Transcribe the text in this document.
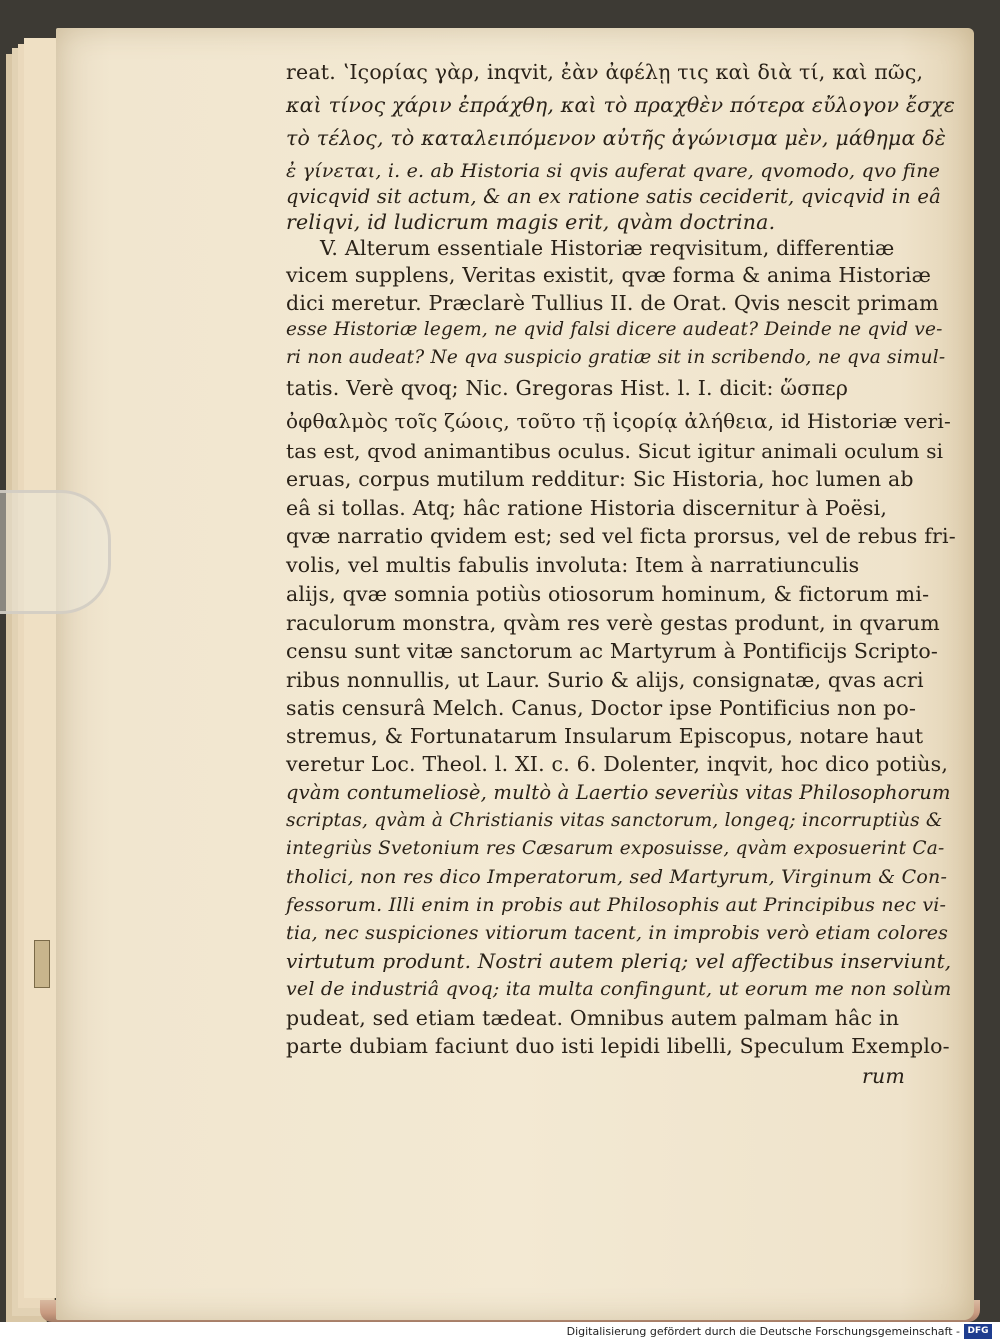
reat. ʽΙςορίας γὰρ, inqvit, ἐὰν ἀφέλῃ τις καὶ διὰ τί, καὶ πῶς,
καὶ τίνος χάριν ἐπράχθη, καὶ τὸ πραχθὲν πότερα εὔλογον ἔσχε
τὸ τέλος, τὸ καταλειπόμενον αὐτῆς ἀγώνισμα μὲν, μάθημα δὲ
ἐ γίνεται, i. e. ab Historia si qvis auferat qvare, qvomodo, qvo fine
qvicqvid sit actum, & an ex ratione satis ceciderit, qvicqvid in eâ
reliqvi, id ludicrum magis erit, qvàm doctrina.
V. Alterum essentiale Historiæ reqvisitum, differentiæ
vicem supplens, Veritas existit, qvæ forma & anima Historiæ
dici meretur. Præclarè Tullius II. de Orat. Qvis nescit primam
esse Historiæ legem, ne qvid falsi dicere audeat? Deinde ne qvid ve-
ri non audeat? Ne qva suspicio gratiæ sit in scribendo, ne qva simul-
tatis. Verè qvoq; Nic. Gregoras Hist. l. I. dicit: ὥσπερ
ὀφθαλμὸς τοῖς ζώοις, τοῦτο τῇ ἱςορίᾳ ἀλήθεια, id Historiæ veri-
tas est, qvod animantibus oculus. Sicut igitur animali oculum si
eruas, corpus mutilum redditur: Sic Historia, hoc lumen ab
eâ si tollas. Atq; hâc ratione Historia discernitur à Poësi,
qvæ narratio qvidem est; sed vel ficta prorsus, vel de rebus fri-
volis, vel multis fabulis involuta: Item à narratiunculis
alijs, qvæ somnia potiùs otiosorum hominum, & fictorum mi-
raculorum monstra, qvàm res verè gestas produnt, in qvarum
censu sunt vitæ sanctorum ac Martyrum à Pontificijs Scripto-
ribus nonnullis, ut Laur. Surio & alijs, consignatæ, qvas acri
satis censurâ Melch. Canus, Doctor ipse Pontificius non po-
stremus, & Fortunatarum Insularum Episcopus, notare haut
veretur Loc. Theol. l. XI. c. 6. Dolenter, inqvit, hoc dico potiùs,
qvàm contumeliosè, multò à Laertio severiùs vitas Philosophorum
scriptas, qvàm à Christianis vitas sanctorum, longeq; incorruptiùs &
integriùs Svetonium res Cæsarum exposuisse, qvàm exposuerint Ca-
tholici, non res dico Imperatorum, sed Martyrum, Virginum & Con-
fessorum. Illi enim in probis aut Philosophis aut Principibus nec vi-
tia, nec suspiciones vitiorum tacent, in improbis verò etiam colores
virtutum produnt. Nostri autem pleriq; vel affectibus inserviunt,
vel de industriâ qvoq; ita multa confingunt, ut eorum me non solùm
pudeat, sed etiam tædeat. Omnibus autem palmam hâc in
parte dubiam faciunt duo isti lepidi libelli, Speculum Exemplo-
rum
Digitalisierung gefördert durch die Deutsche Forschungsgemeinschaft - DFG
